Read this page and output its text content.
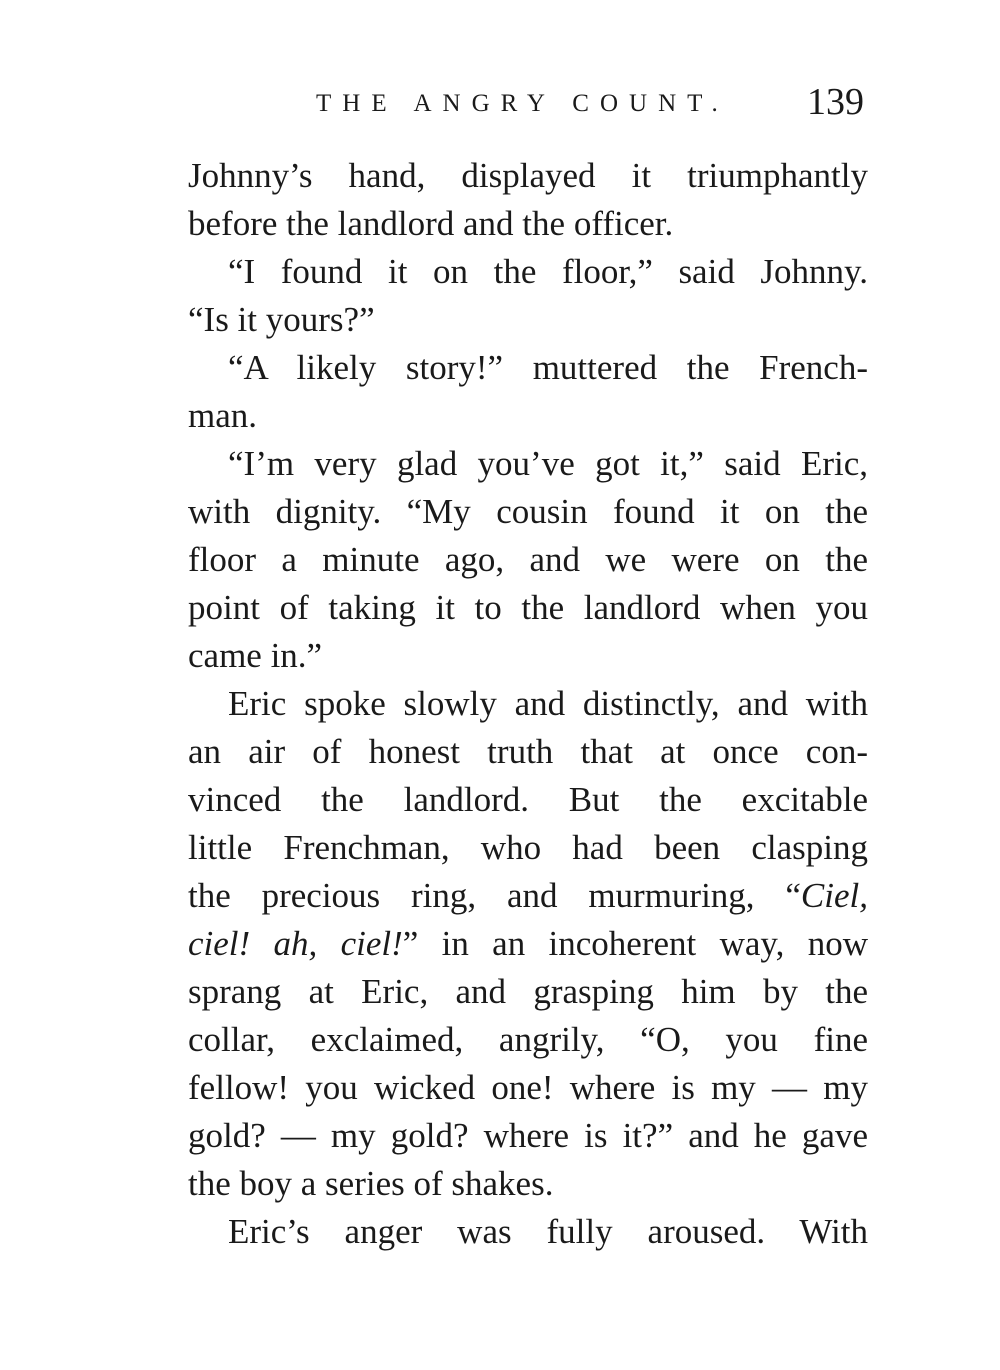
THE ANGRY COUNT. 139
Johnny’s hand, displayed it triumphantly
before the landlord and the officer.
“I found it on the floor,” said Johnny.
“Is it yours?”
“A likely story!” muttered the French-
man.
“I’m very glad you’ve got it,” said Eric,
with dignity. “My cousin found it on the
floor a minute ago, and we were on the
point of taking it to the landlord when you
came in.”
Eric spoke slowly and distinctly, and with
an air of honest truth that at once con-
vinced the landlord. But the excitable
little Frenchman, who had been clasping
the precious ring, and murmuring, “Ciel,
ciel! ah, ciel!” in an incoherent way, now
sprang at Eric, and grasping him by the
collar, exclaimed, angrily, “O, you fine
fellow! you wicked one! where is my — my
gold? — my gold? where is it?” and he gave
the boy a series of shakes.
Eric’s anger was fully aroused. With
